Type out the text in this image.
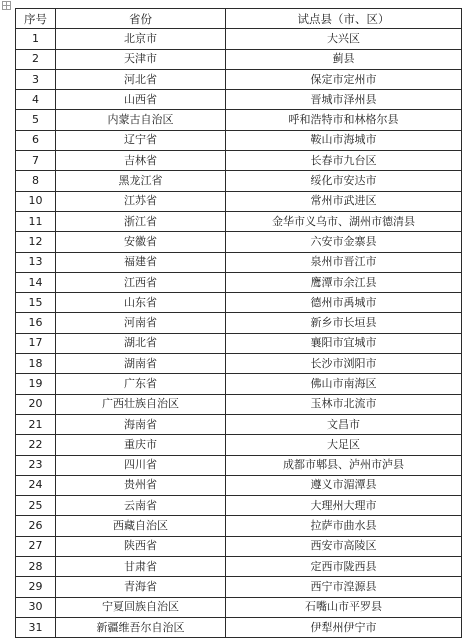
序号	省份	试点县（市、区）
1	北京市	大兴区
2	天津市	蓟县
3	河北省	保定市定州市
4	山西省	晋城市泽州县
5	内蒙古自治区	呼和浩特市和林格尔县
6	辽宁省	鞍山市海城市
7	吉林省	长春市九台区
8	黑龙江省	绥化市安达市
10	江苏省	常州市武进区
11	浙江省	金华市义乌市、湖州市德清县
12	安徽省	六安市金寨县
13	福建省	泉州市晋江市
14	江西省	鹰潭市余江县
15	山东省	德州市禹城市
16	河南省	新乡市长垣县
17	湖北省	襄阳市宜城市
18	湖南省	长沙市浏阳市
19	广东省	佛山市南海区
20	广西壮族自治区	玉林市北流市
21	海南省	文昌市
22	重庆市	大足区
23	四川省	成都市郫县、泸州市泸县
24	贵州省	遵义市湄潭县
25	云南省	大理州大理市
26	西藏自治区	拉萨市曲水县
27	陕西省	西安市高陵区
28	甘肃省	定西市陇西县
29	青海省	西宁市湟源县
30	宁夏回族自治区	石嘴山市平罗县
31	新疆维吾尔自治区	伊犁州伊宁市
